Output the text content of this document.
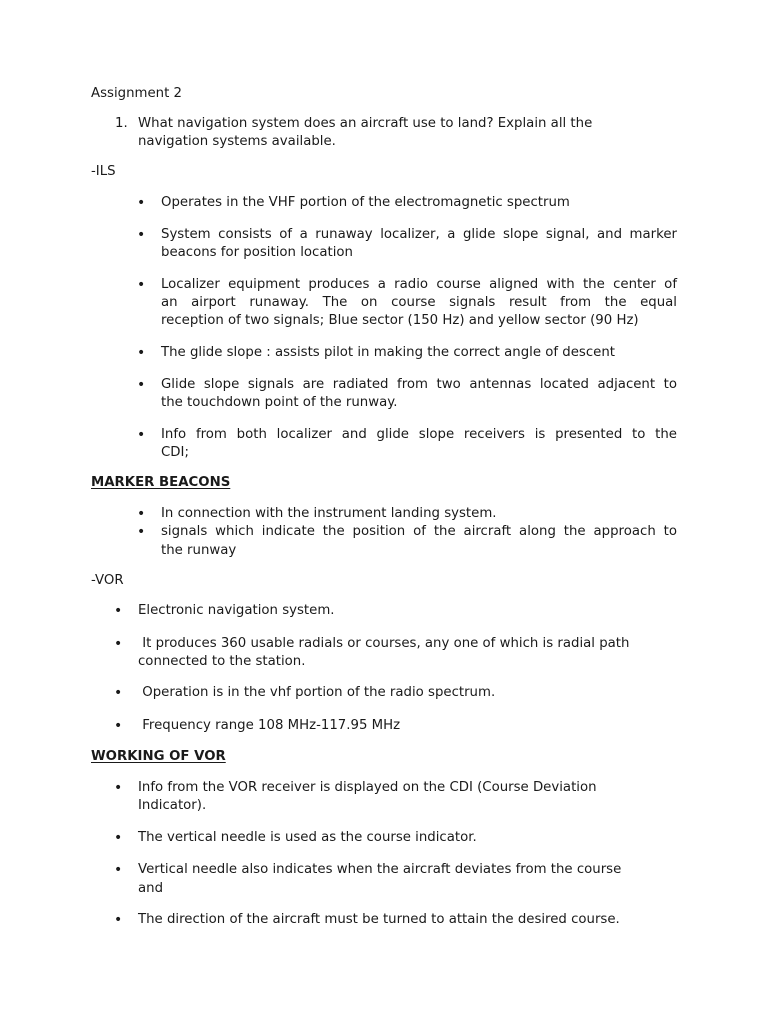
Assignment 2
1. What navigation system does an aircraft use to land? Explain all the
navigation systems available.
-ILS
• Operates in the VHF portion of the electromagnetic spectrum
• System consists of a runaway localizer, a glide slope signal, and marker
beacons for position location
• Localizer equipment produces a radio course aligned with the center of
an airport runaway. The on course signals result from the equal
reception of two signals; Blue sector (150 Hz) and yellow sector (90 Hz)
• The glide slope : assists pilot in making the correct angle of descent
• Glide slope signals are radiated from two antennas located adjacent to
the touchdown point of the runway.
• Info from both localizer and glide slope receivers is presented to the
CDI;
MARKER BEACONS
• In connection with the instrument landing system.
• signals which indicate the position of the aircraft along the approach to
the runway
-VOR
• Electronic navigation system.
• It produces 360 usable radials or courses, any one of which is radial path
connected to the station.
• Operation is in the vhf portion of the radio spectrum.
• Frequency range 108 MHz-117.95 MHz
WORKING OF VOR
• Info from the VOR receiver is displayed on the CDI (Course Deviation
Indicator).
• The vertical needle is used as the course indicator.
• Vertical needle also indicates when the aircraft deviates from the course
and
• The direction of the aircraft must be turned to attain the desired course.
